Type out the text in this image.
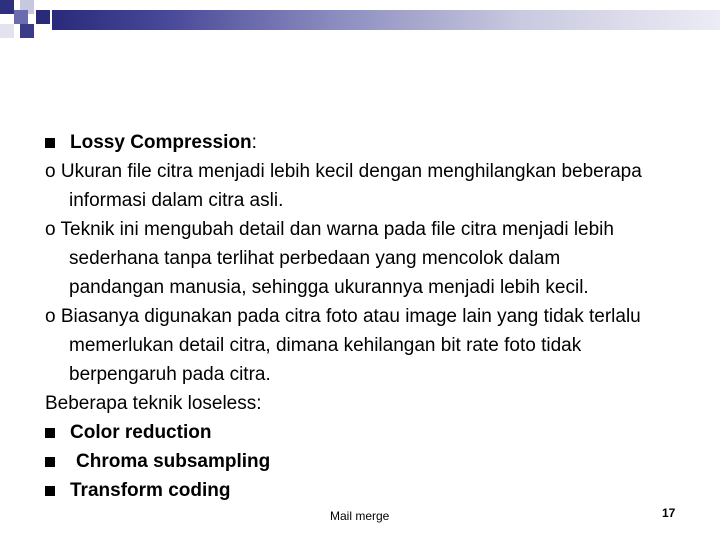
Lossy Compression:
o Ukuran file citra menjadi lebih kecil dengan menghilangkan beberapa
informasi dalam citra asli.
o Teknik ini mengubah detail dan warna pada file citra menjadi lebih
sederhana tanpa terlihat perbedaan yang mencolok dalam
pandangan manusia, sehingga ukurannya menjadi lebih kecil.
o Biasanya digunakan pada citra foto atau image lain yang tidak terlalu
memerlukan detail citra, dimana kehilangan bit rate foto tidak
berpengaruh pada citra.
Beberapa teknik loseless:
Color reduction
Chroma subsampling
Transform coding
Mail merge	17
